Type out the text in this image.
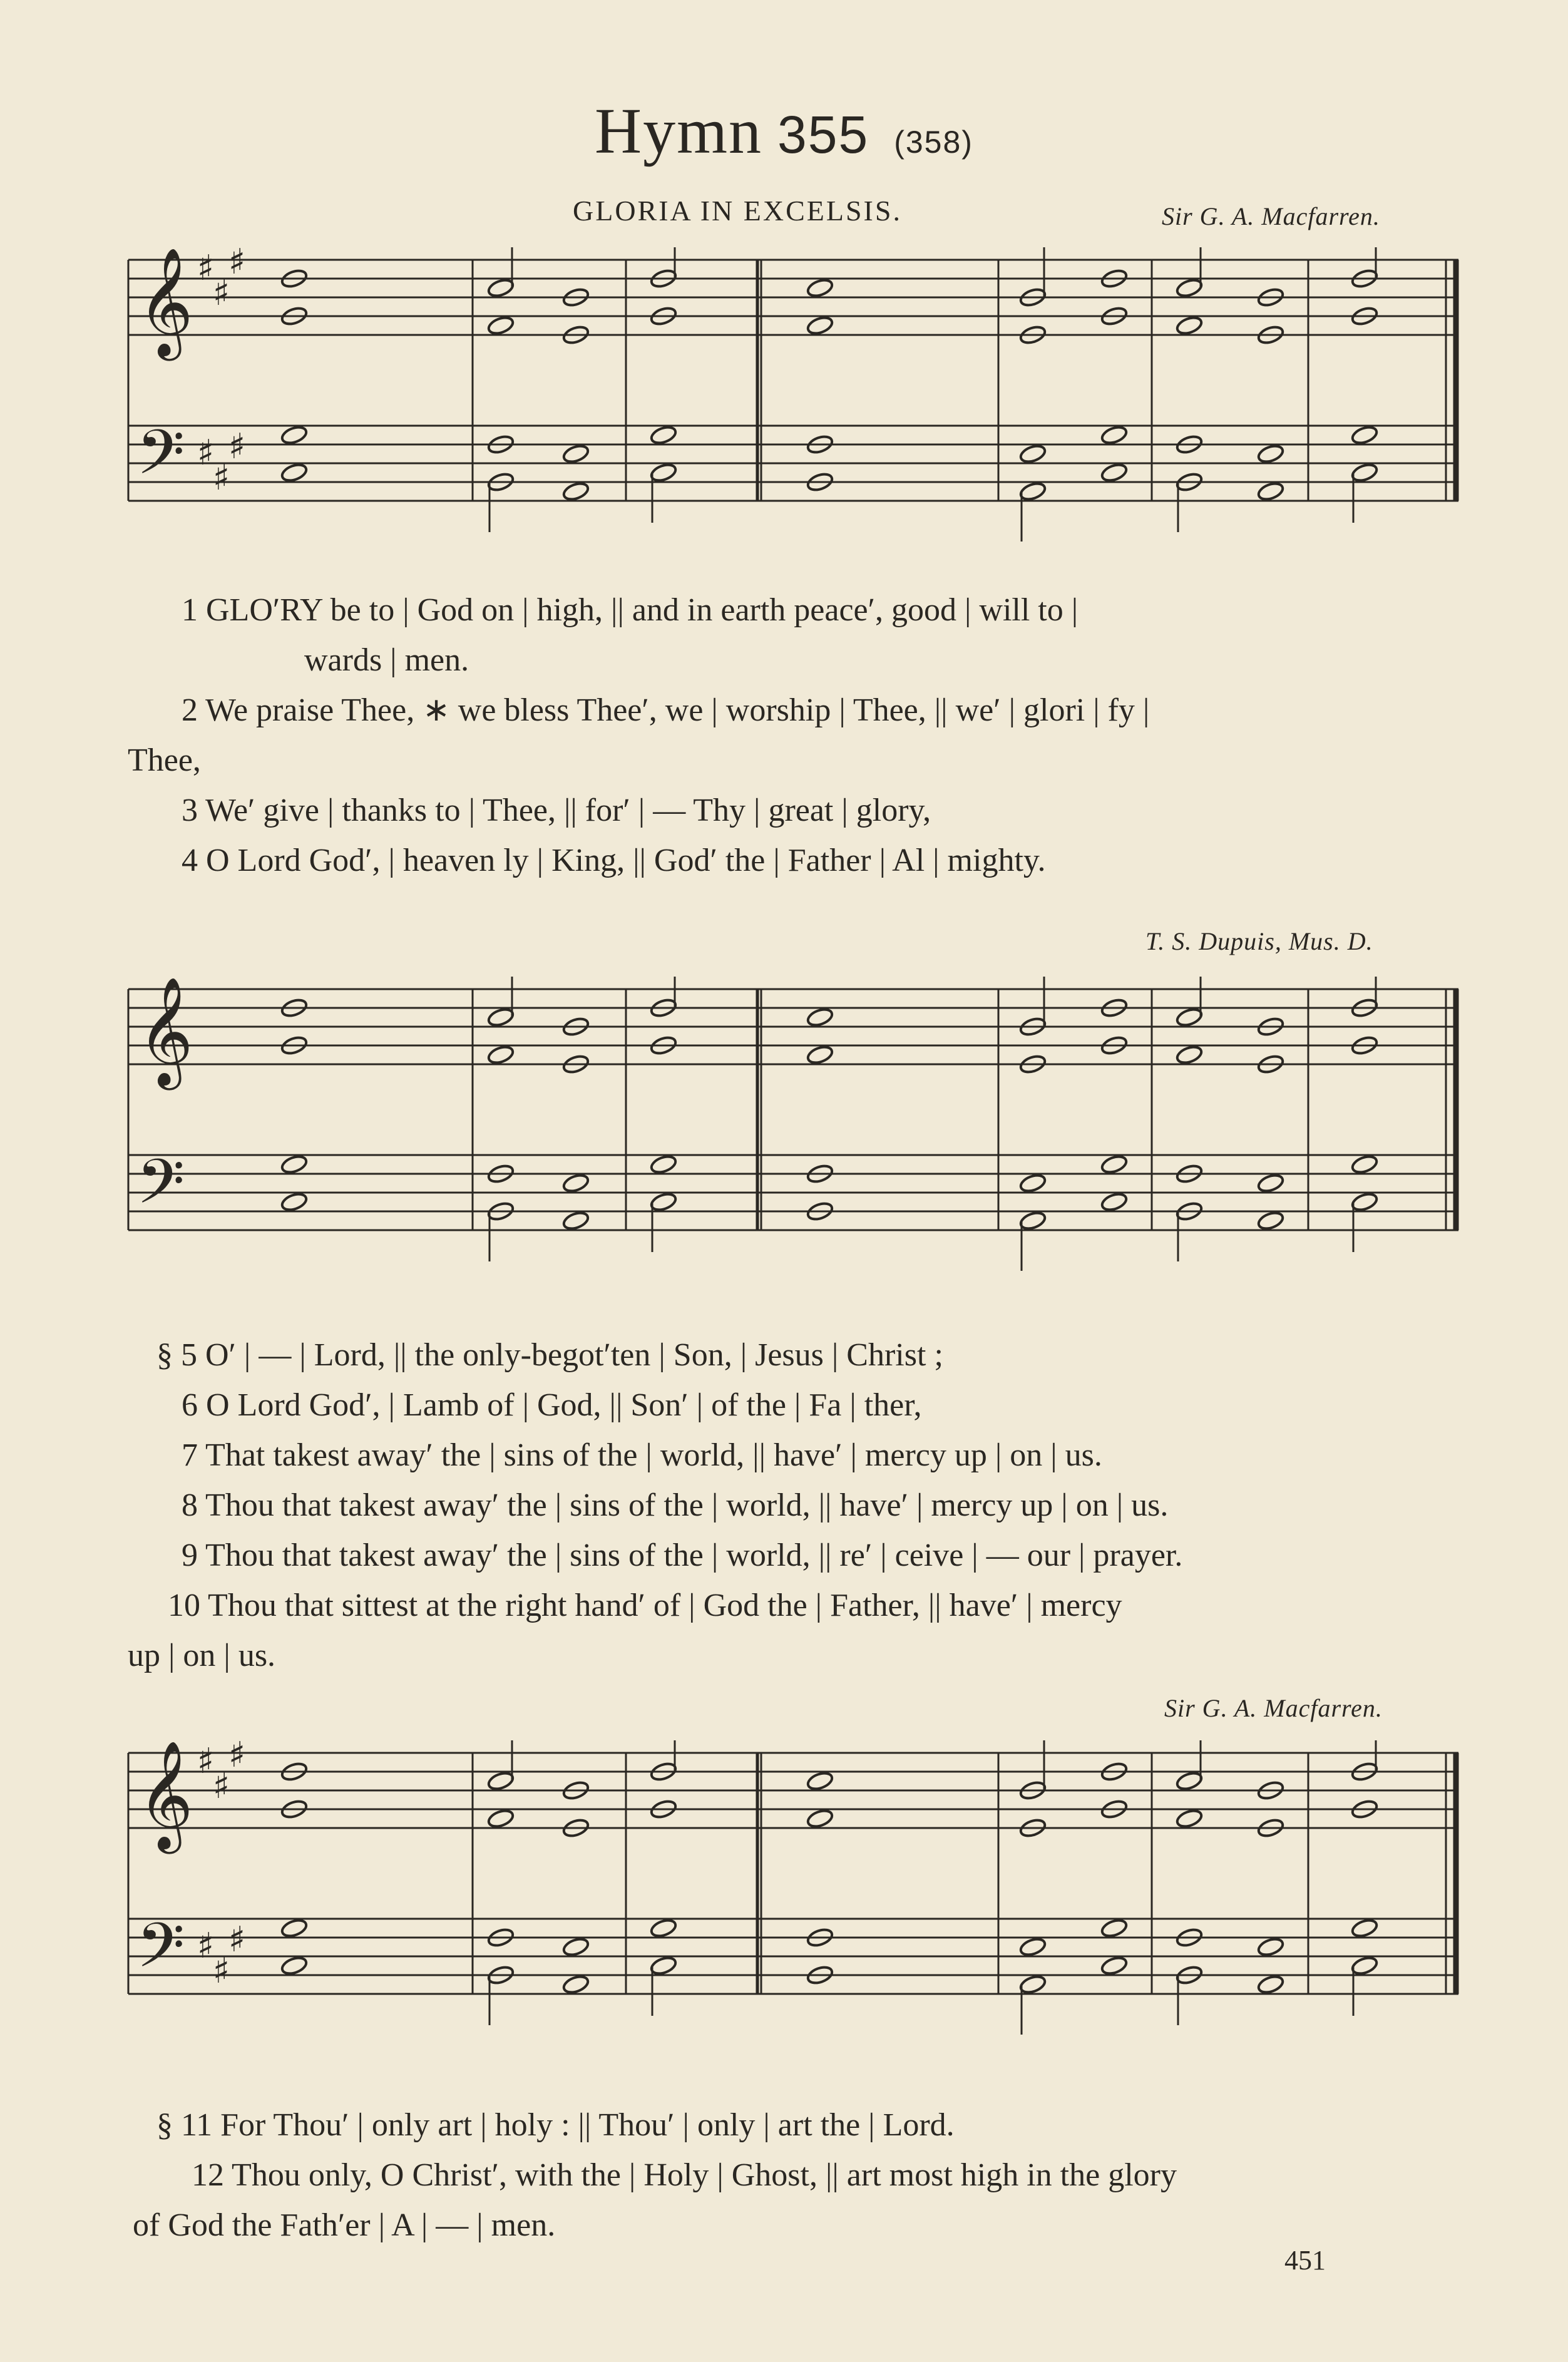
Hymn 355 (358)
GLORIA IN EXCELSIS.	Sir G. A. Macfarren.
𝄞
𝄢
♯
♯
♯
♯
♯
♯

1 GLO′RY be to | God on | high, || and in earth peace′, good | will to |

wards | men.

2 We praise Thee, ∗ we bless Thee′, we | worship | Thee, || we′ | glori | fy |

Thee,

3 We′ give | thanks to | Thee, || for′ | — Thy | great | glory,

4 O Lord God′, | heaven ly | King, || God′ the | Father | Al | mighty.

T. S. Dupuis, Mus. D.
𝄞
𝄢

§ 5 O′ | — | Lord, || the only-begot′ten | Son, | Jesus | Christ ;

6 O Lord God′, | Lamb of | God, || Son′ | of the | Fa | ther,

7 That takest away′ the | sins of the | world, || have′ | mercy up | on | us.

8 Thou that takest away′ the | sins of the | world, || have′ | mercy up | on | us.

9 Thou that takest away′ the | sins of the | world, || re′ | ceive | — our | prayer.

10 Thou that sittest at the right hand′ of | God the | Father, || have′ | mercy

up | on | us.

Sir G. A. Macfarren.
𝄞
𝄢
♯
♯
♯
♯
♯
♯

§ 11 For Thou′ | only art | holy : || Thou′ | only | art the | Lord.

12 Thou only, O Christ′, with the | Holy | Ghost, || art most high in the glory

of God the Fath′er | A | — | men.

451
